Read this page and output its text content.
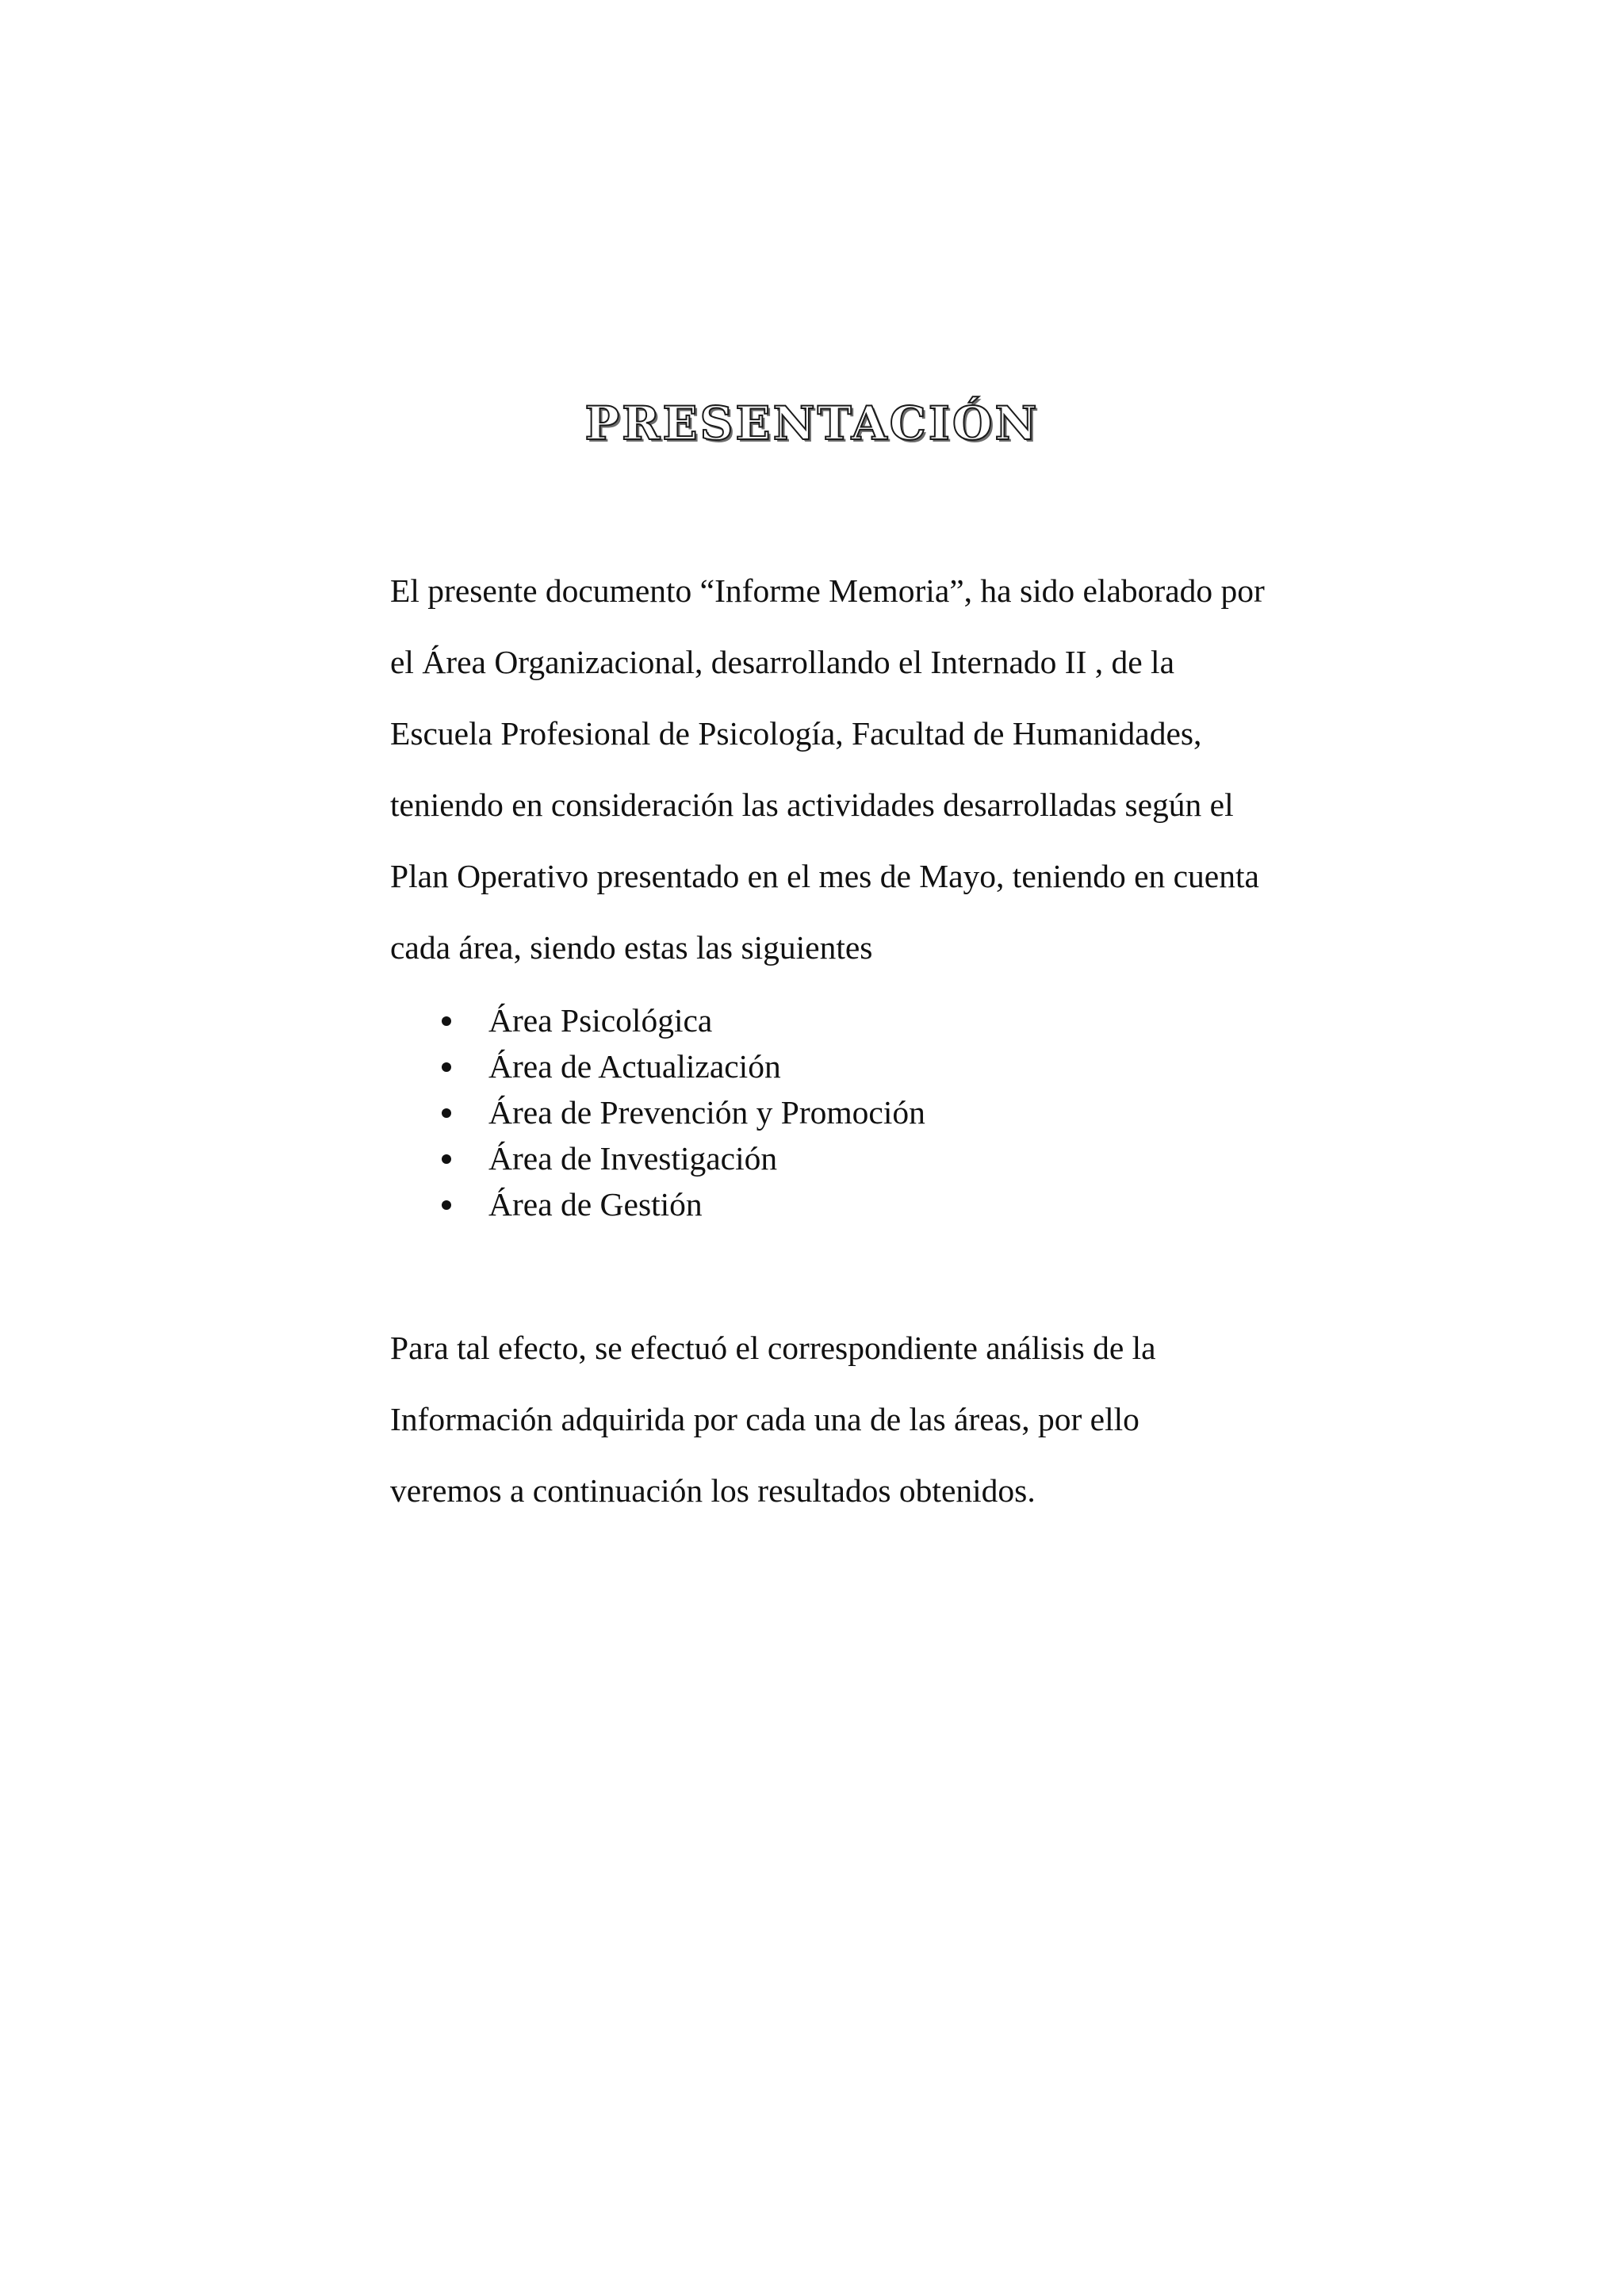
PRESENTACIÓN

El presente documento “Informe Memoria”, ha sido elaborado por
el Área Organizacional, desarrollando el Internado II , de la
Escuela Profesional de Psicología, Facultad de Humanidades,
teniendo en consideración las actividades desarrolladas según el
Plan Operativo presentado en el mes de Mayo, teniendo en cuenta
cada área, siendo estas las siguientes

Área Psicológica
Área de Actualización
Área de Prevención y Promoción
Área de Investigación
Área de Gestión

Para tal efecto, se efectuó el correspondiente análisis de la
Información adquirida por cada una de las áreas, por ello
veremos a continuación los resultados obtenidos.
